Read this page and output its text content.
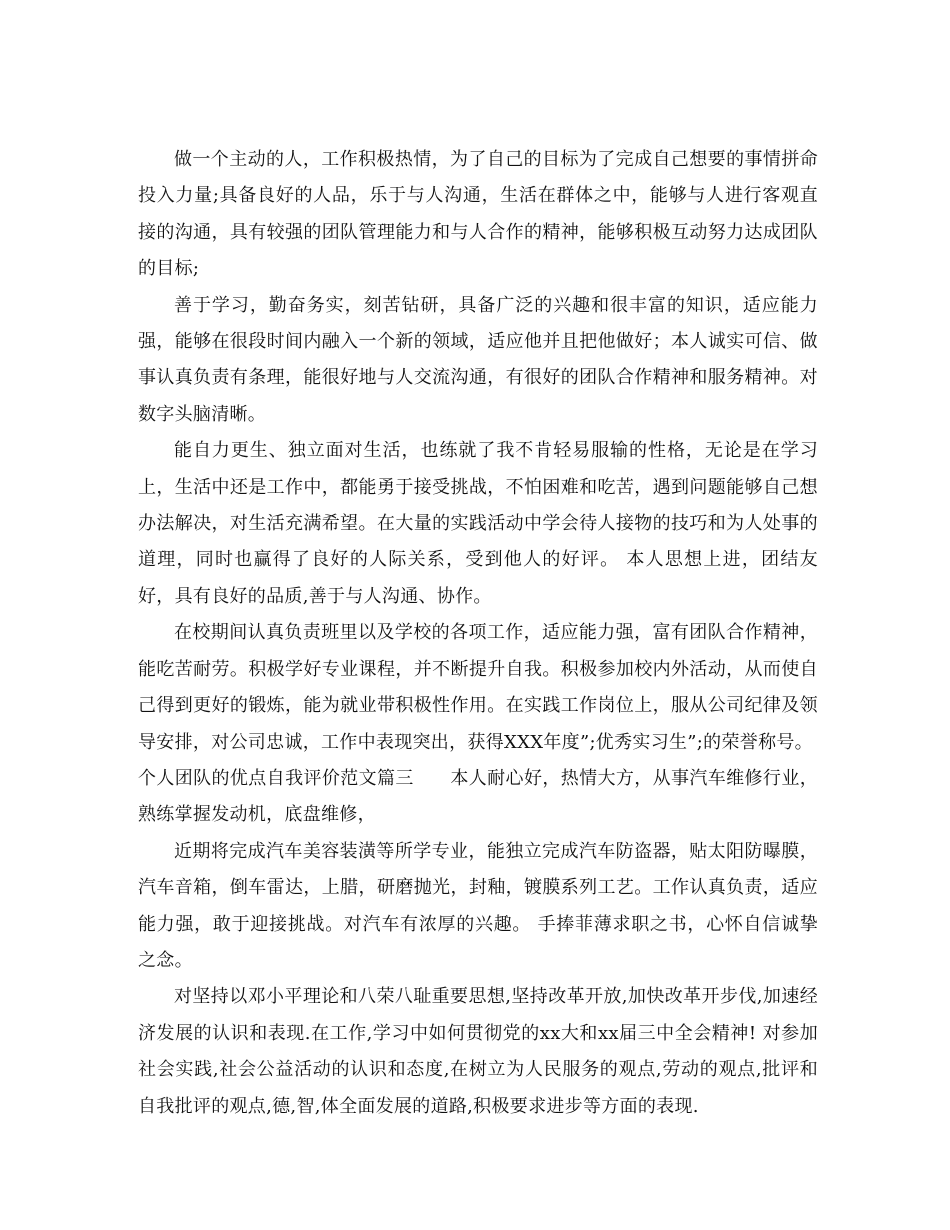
做一个主动的人，工作积极热情，为了自己的目标为了完成自己想要的事情拼命投入力量;具备良好的人品，乐于与人沟通，生活在群体之中，能够与人进行客观直接的沟通，具有较强的团队管理能力和与人合作的精神，能够积极互动努力达成团队的目标;

善于学习，勤奋务实，刻苦钻研，具备广泛的兴趣和很丰富的知识，适应能力强，能够在很段时间内融入一个新的领域，适应他并且把他做好；本人诚实可信、做事认真负责有条理，能很好地与人交流沟通，有很好的团队合作精神和服务精神。对数字头脑清晰。

能自力更生、独立面对生活，也练就了我不肯轻易服输的性格，无论是在学习上，生活中还是工作中，都能勇于接受挑战，不怕困难和吃苦，遇到问题能够自己想办法解决，对生活充满希望。在大量的实践活动中学会待人接物的技巧和为人处事的道理，同时也赢得了良好的人际关系，受到他人的好评。 本人思想上进，团结友好，具有良好的品质,善于与人沟通、协作。

在校期间认真负责班里以及学校的各项工作，适应能力强，富有团队合作精神，能吃苦耐劳。积极学好专业课程，并不断提升自我。积极参加校内外活动，从而使自己得到更好的锻炼，能为就业带积极性作用。在实践工作岗位上，服从公司纪律及领导安排，对公司忠诚，工作中表现突出，获得XXX年度”;优秀实习生”;的荣誉称号。

个人团队的优点自我评价范文篇三 本人耐心好，热情大方，从事汽车维修行业，熟练掌握发动机，底盘维修，

近期将完成汽车美容装潢等所学专业，能独立完成汽车防盗器，贴太阳防曝膜，汽车音箱，倒车雷达，上腊，研磨抛光，封釉，镀膜系列工艺。工作认真负责，适应能力强，敢于迎接挑战。对汽车有浓厚的兴趣。 手捧菲薄求职之书，心怀自信诚挚之念。

对坚持以邓小平理论和八荣八耻重要思想,坚持改革开放,加快改革开步伐,加速经济发展的认识和表现.在工作,学习中如何贯彻党的xx大和xx届三中全会精神! 对参加社会实践,社会公益活动的认识和态度,在树立为人民服务的观点,劳动的观点,批评和自我批评的观点,德,智,体全面发展的道路,积极要求进步等方面的表现.
